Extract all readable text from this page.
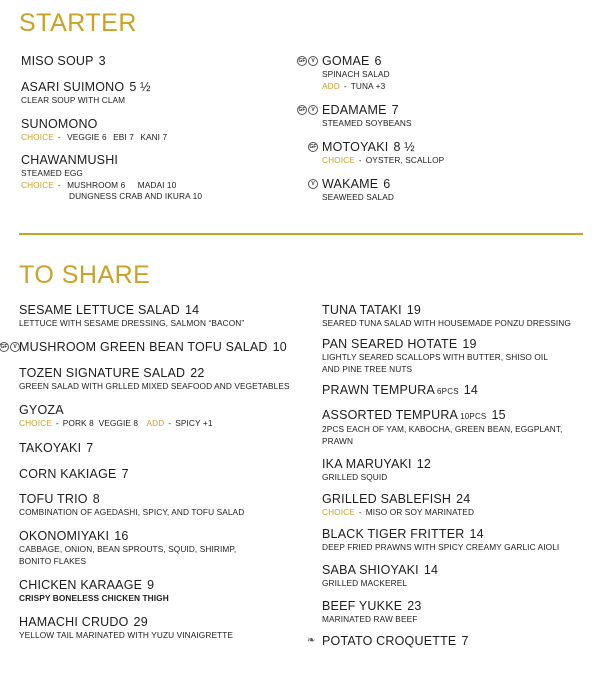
STARTER
MISO SOUP 3
ASARI SUIMONO 5 ½
CLEAR SOUP WITH CLAM
SUNOMONO
CHOICE - VEGGIE 6 EBI 7 KANI 7
CHAWANMUSHI
STEAMED EGG
CHOICE - MUSHROOM 6 MADAI 10
DUNGNESS CRAB AND IKURA 10
GF	V GOMAE 6
SPINACH SALAD
ADD - TUNA +3
GF	V EDAMAME 7
STEAMED SOYBEANS
GF MOTOYAKI 8 ½
CHOICE - OYSTER, SCALLOP
V WAKAME 6
SEAWEED SALAD
TO SHARE
SESAME LETTUCE SALAD 14
LETTUCE WITH SESAME DRESSING, SALMON “BACON”
GF	V MUSHROOM GREEN BEAN TOFU SALAD 10
TOZEN SIGNATURE SALAD 22
GREEN SALAD WITH GRLLED MIXED SEAFOOD AND VEGETABLES
GYOZA
CHOICE - PORK 8  VEGGIE 8 ADD - SPICY +1
TAKOYAKI 7
CORN KAKIAGE 7
TOFU TRIO 8
COMBINATION OF AGEDASHI, SPICY, AND TOFU SALAD
OKONOMIYAKI 16
CABBAGE, ONION, BEAN SPROUTS, SQUID, SHIRIMP,
BONITO FLAKES
CHICKEN KARAAGE 9
CRISPY BONELESS CHICKEN THIGH
HAMACHI CRUDO 29
YELLOW TAIL MARINATED WITH YUZU VINAIGRETTE
TUNA TATAKI 19
SEARED TUNA SALAD WITH HOUSEMADE PONZU DRESSING
PAN SEARED HOTATE 19
LIGHTLY SEARED SCALLOPS WITH BUTTER, SHISO OIL
AND PINE TREE NUTS
PRAWN TEMPURA 6PCS 14
ASSORTED TEMPURA 10PCS 15
2PCS EACH OF YAM, KABOCHA, GREEN BEAN, EGGPLANT,
PRAWN
IKA MARUYAKI 12
GRILLED SQUID
GRILLED SABLEFISH 24
CHOICE - MISO OR SOY MARINATED
BLACK TIGER FRITTER 14
DEEP FRIED PRAWNS WITH SPICY CREAMY GARLIC AIOLI
SABA SHIOYAKI 14
GRILLED MACKEREL
BEEF YUKKE 23
MARINATED RAW BEEF
❧ POTATO CROQUETTE 7
